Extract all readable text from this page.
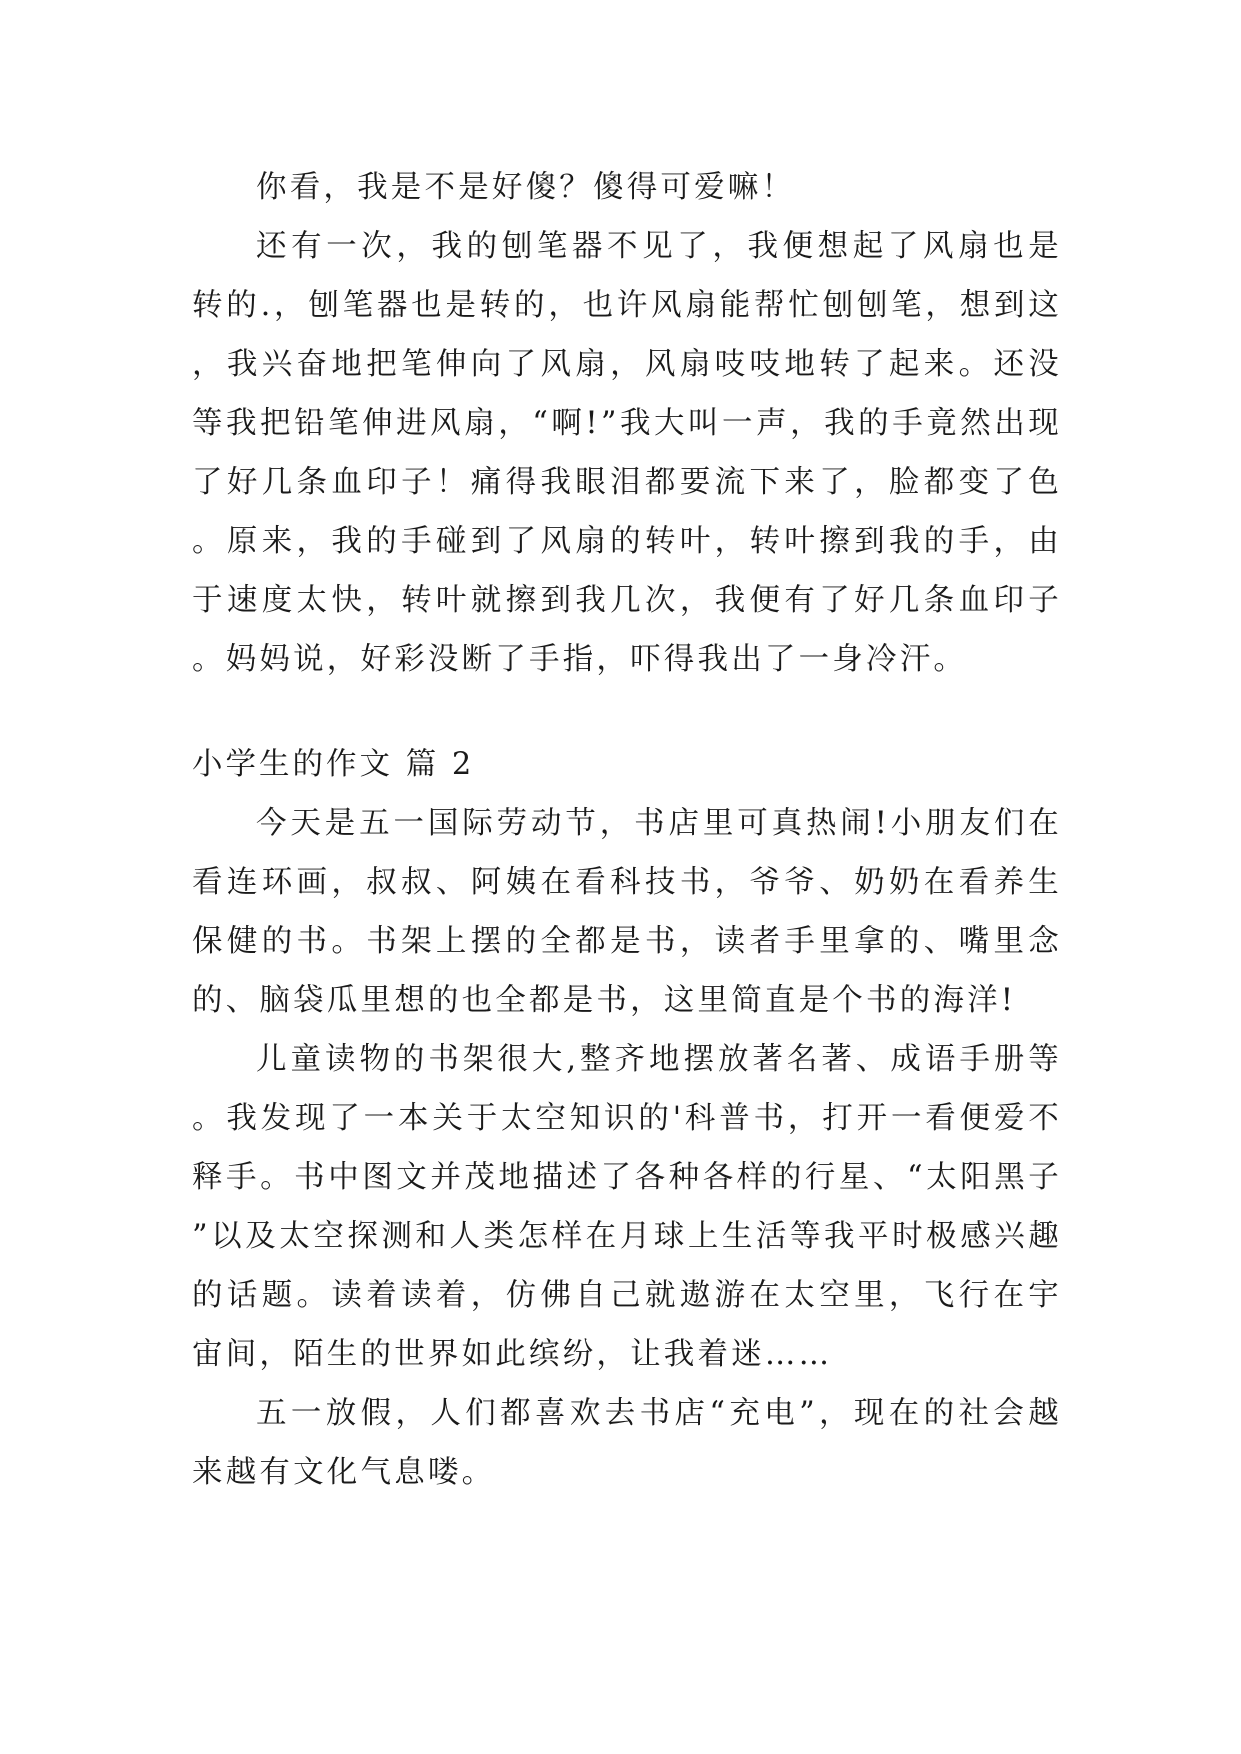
你看，我是不是好傻？傻得可爱嘛！

还有一次，我的刨笔器不见了，我便想起了风扇也是转的.，刨笔器也是转的，也许风扇能帮忙刨刨笔，想到这，我兴奋地把笔伸向了风扇，风扇吱吱地转了起来。还没等我把铅笔伸进风扇，“啊!”我大叫一声，我的手竟然出现了好几条血印子！痛得我眼泪都要流下来了，脸都变了色。原来，我的手碰到了风扇的转叶，转叶擦到我的手，由于速度太快，转叶就擦到我几次，我便有了好几条血印子。妈妈说，好彩没断了手指，吓得我出了一身冷汗。

小学生的作文 篇 2

今天是五一国际劳动节，书店里可真热闹!小朋友们在看连环画，叔叔、阿姨在看科技书，爷爷、奶奶在看养生保健的书。书架上摆的全都是书，读者手里拿的、嘴里念的、脑袋瓜里想的也全都是书，这里简直是个书的海洋!

儿童读物的书架很大,整齐地摆放著名著、成语手册等。我发现了一本关于太空知识的'科普书，打开一看便爱不释手。书中图文并茂地描述了各种各样的行星、“太阳黑子”以及太空探测和人类怎样在月球上生活等我平时极感兴趣的话题。读着读着，仿佛自己就遨游在太空里，飞行在宇宙间，陌生的世界如此缤纷，让我着迷……

五一放假，人们都喜欢去书店“充电”，现在的社会越来越有文化气息喽。
